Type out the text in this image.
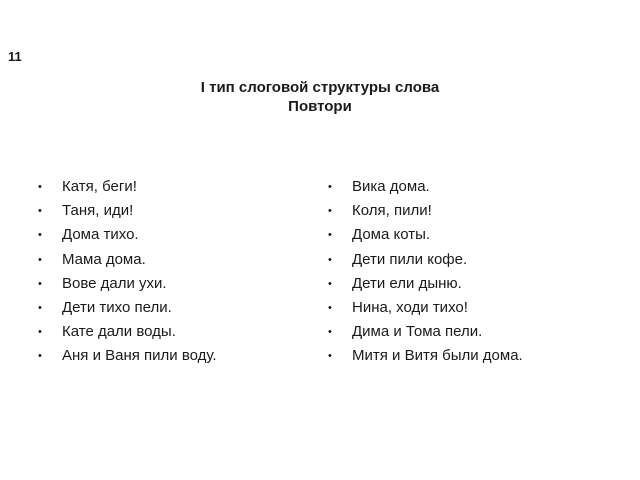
11
I тип слоговой структуры слова
Повтори
•	Катя, беги!
•	Таня, иди!
•	Дома тихо.
•	Мама дома.
•	Вове дали ухи.
•	Дети тихо пели.
•	Кате дали воды.
•	Аня и Ваня пили воду.
•	Вика дома.
•	Коля, пили!
•	Дома коты.
•	Дети пили кофе.
•	Дети ели дыню.
•	Нина, ходи тихо!
•	Дима и Тома пели.
•	Митя и Витя были дома.
